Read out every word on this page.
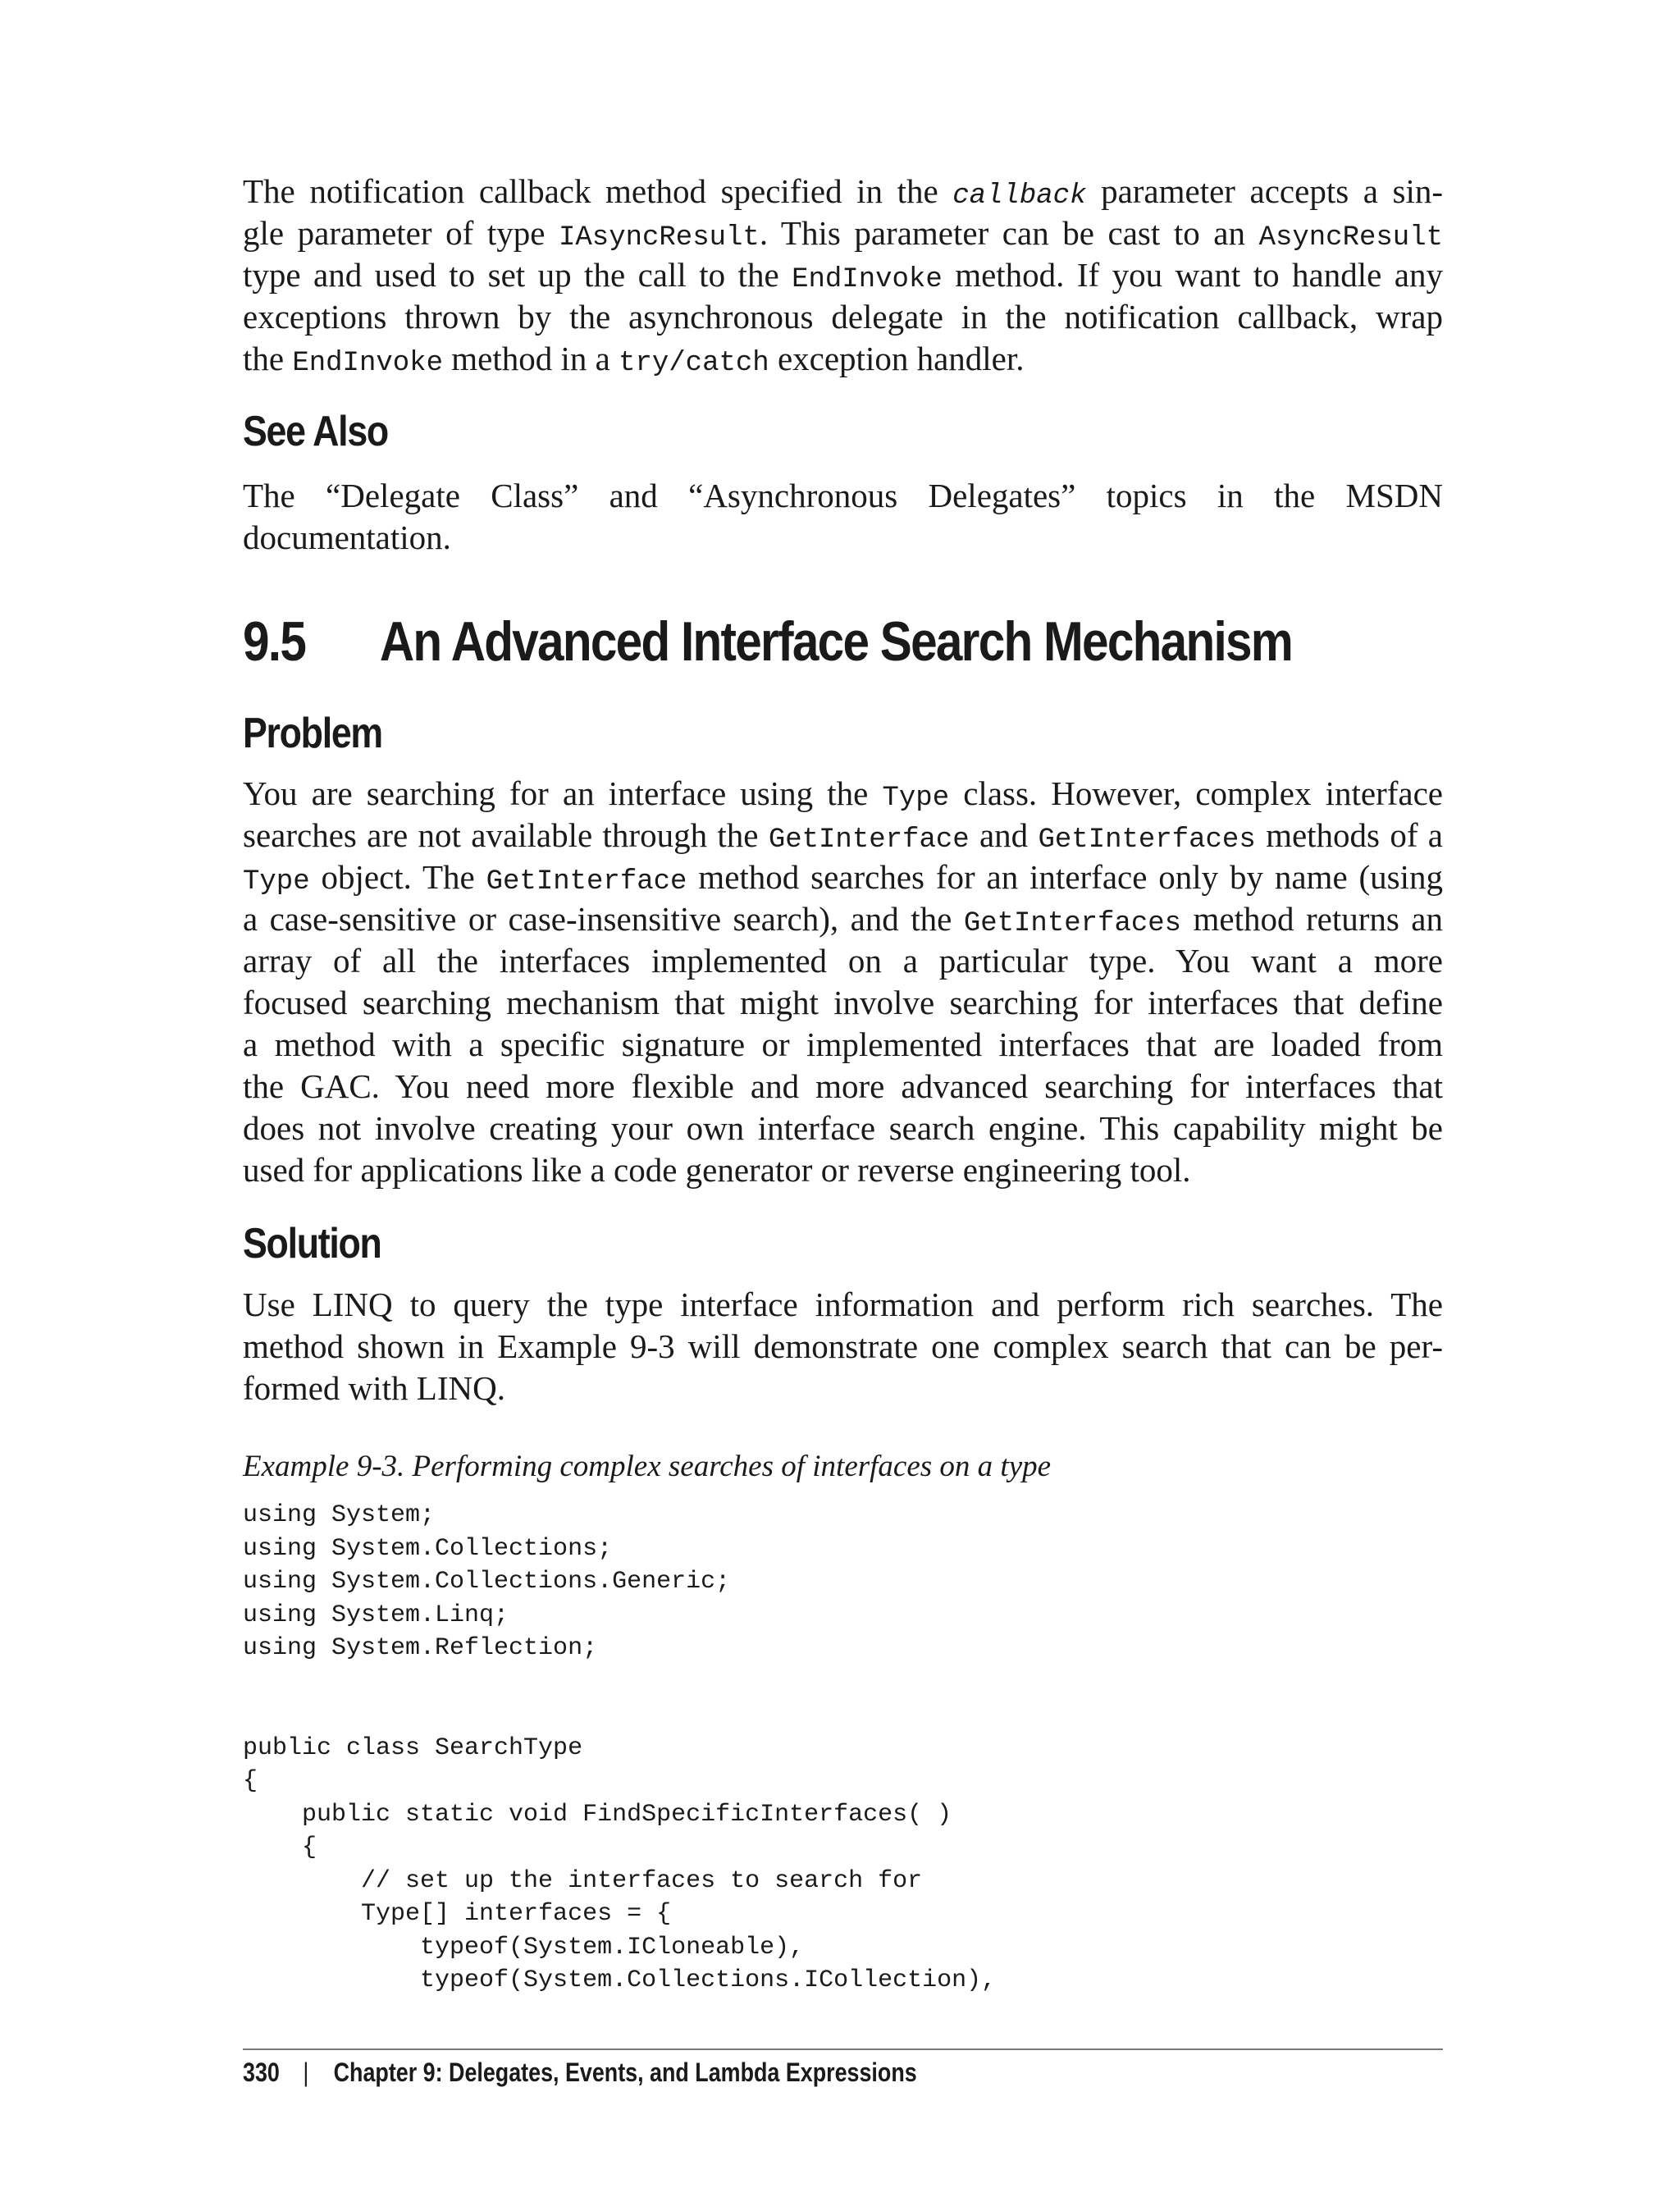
The notification callback method specified in the callback parameter accepts a sin-
gle parameter of type IAsyncResult. This parameter can be cast to an AsyncResult
type and used to set up the call to the EndInvoke method. If you want to handle any
exceptions thrown by the asynchronous delegate in the notification callback, wrap
the EndInvoke method in a try/catch exception handler.
See Also
The “Delegate Class” and “Asynchronous Delegates” topics in the MSDN
documentation.
9.5 An Advanced Interface Search Mechanism
Problem
You are searching for an interface using the Type class. However, complex interface
searches are not available through the GetInterface and GetInterfaces methods of a
Type object. The GetInterface method searches for an interface only by name (using
a case-sensitive or case-insensitive search), and the GetInterfaces method returns an
array of all the interfaces implemented on a particular type. You want a more
focused searching mechanism that might involve searching for interfaces that define
a method with a specific signature or implemented interfaces that are loaded from
the GAC. You need more flexible and more advanced searching for interfaces that
does not involve creating your own interface search engine. This capability might be
used for applications like a code generator or reverse engineering tool.
Solution
Use LINQ to query the type interface information and perform rich searches. The
method shown in Example 9-3 will demonstrate one complex search that can be per-
formed with LINQ.
Example 9-3. Performing complex searches of interfaces on a type
using System;
using System.Collections;
using System.Collections.Generic;
using System.Linq;
using System.Reflection;
public class SearchType
{
public static void FindSpecificInterfaces( )
{
// set up the interfaces to search for
Type[] interfaces = {
typeof(System.ICloneable),
typeof(System.Collections.ICollection),
330 | Chapter 9: Delegates, Events, and Lambda Expressions
